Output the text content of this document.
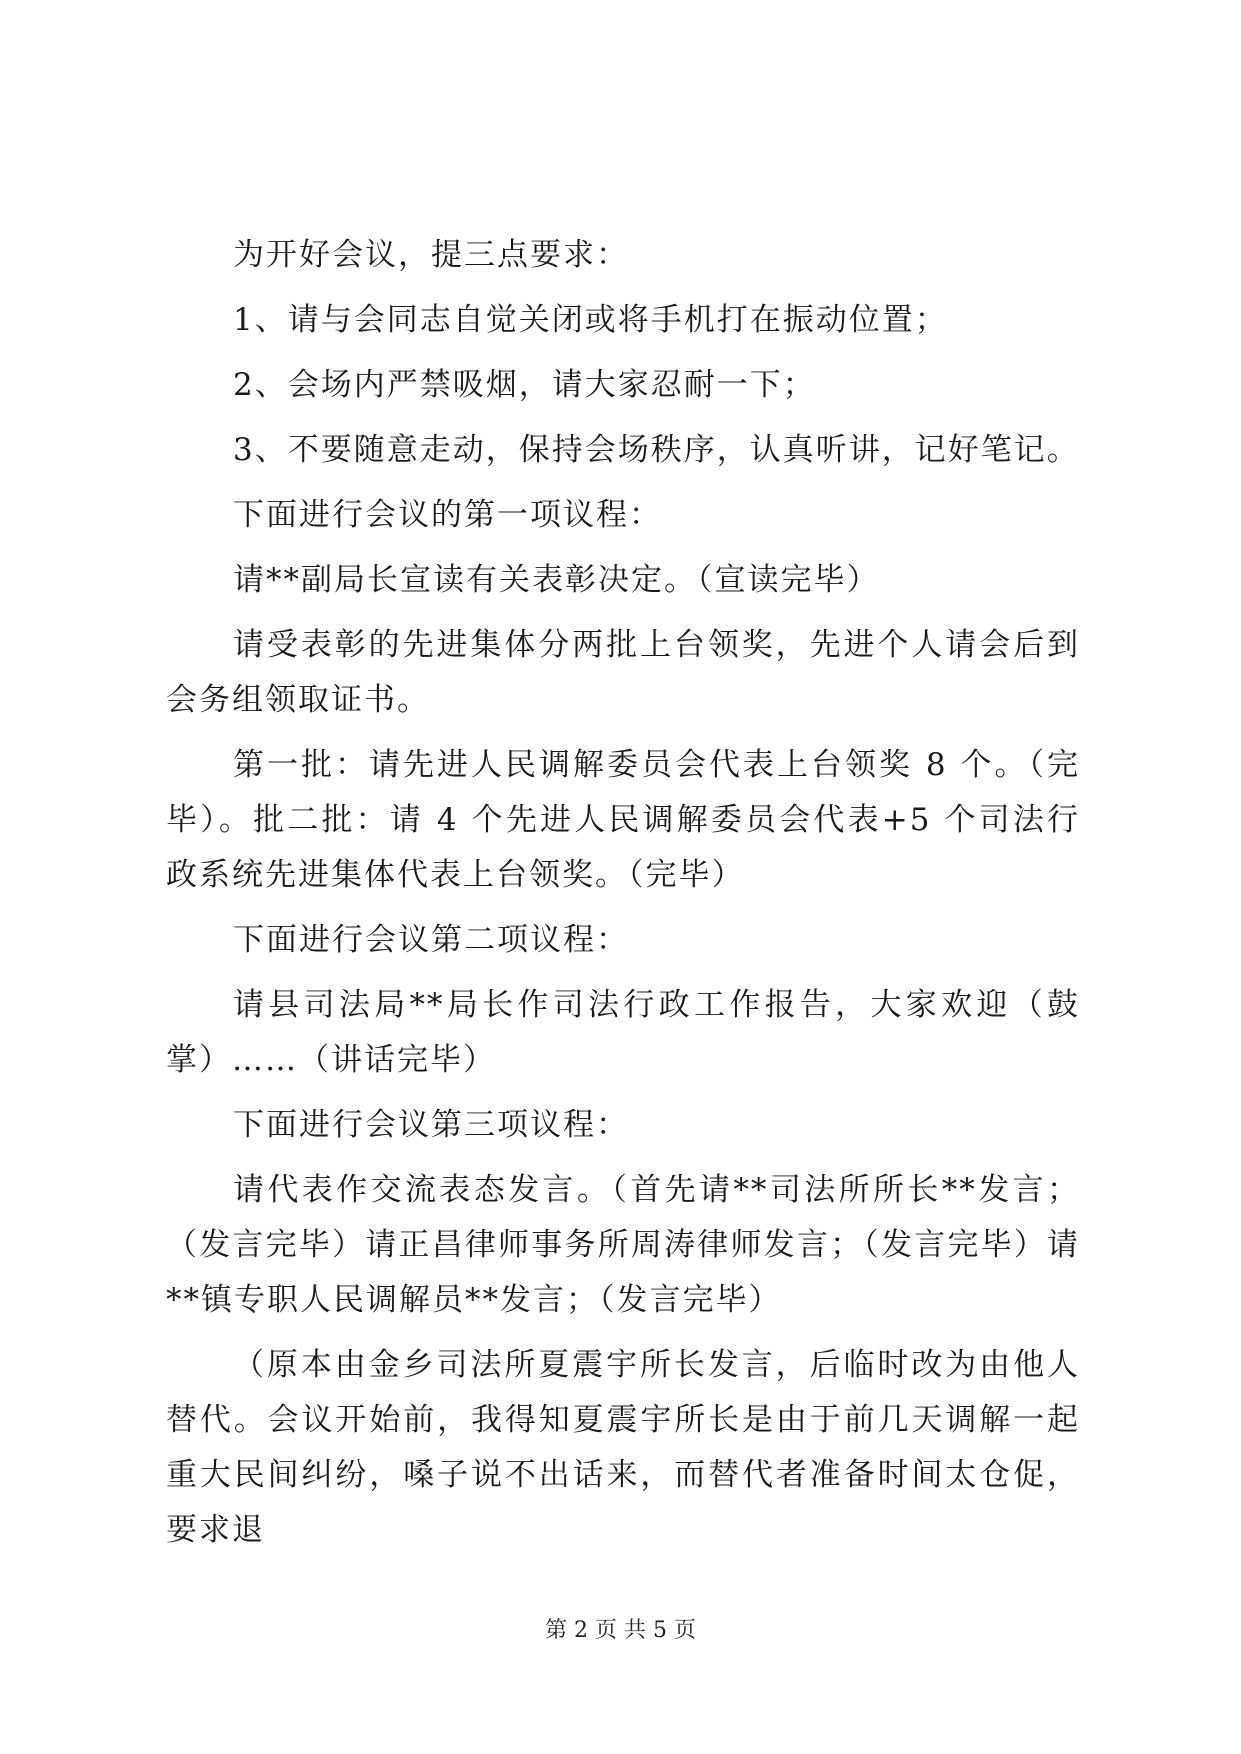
为开好会议，提三点要求：

1、请与会同志自觉关闭或将手机打在振动位置；

2、会场内严禁吸烟，请大家忍耐一下；

3、不要随意走动，保持会场秩序，认真听讲，记好笔记。

下面进行会议的第一项议程：

请**副局长宣读有关表彰决定。（宣读完毕）

请受表彰的先进集体分两批上台领奖，先进个人请会后到会务组领取证书。

第一批：请先进人民调解委员会代表上台领奖 8 个。（完毕）。批二批：请 4 个先进人民调解委员会代表+5 个司法行政系统先进集体代表上台领奖。（完毕）

下面进行会议第二项议程：

请县司法局**局长作司法行政工作报告，大家欢迎（鼓掌）……（讲话完毕）

下面进行会议第三项议程：

请代表作交流表态发言。（首先请**司法所所长**发言；（发言完毕）请正昌律师事务所周涛律师发言；（发言完毕）请**镇专职人民调解员**发言；（发言完毕）

（原本由金乡司法所夏震宇所长发言，后临时改为由他人替代。会议开始前，我得知夏震宇所长是由于前几天调解一起重大民间纠纷，嗓子说不出话来，而替代者准备时间太仓促，要求退

第 2 页 共 5 页
